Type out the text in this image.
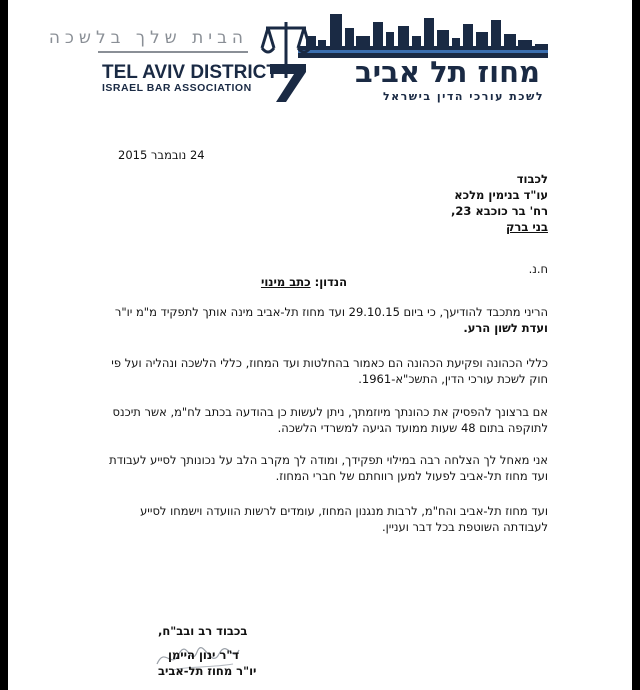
הבית שלך בלשכה
TEL AVIV DISTRICT
ISRAEL BAR ASSOCIATION	מחוז תל אביב
לשכת עורכי הדין בישראל
24 נובמבר 2015
לכבוד
עו"ד בנימין מלכא
רח' בר כוכבא 23,
בני ברק
ח.נ.
הנדון: כתב מינוי
הריני מתכבד להודיעך, כי ביום 29.10.15 ועד מחוז תל-אביב מינה אותך לתפקיד מ"מ יו"ר
ועדת לשון הרע.
כללי הכהונה ופקיעת הכהונה הם כאמור בהחלטות ועד המחוז, כללי הלשכה ונהליה ועל פי
חוק לשכת עורכי הדין, התשכ"א-1961.
אם ברצונך להפסיק את כהונתך מיוזמתך, ניתן לעשות כן בהודעה בכתב לח"מ, אשר תיכנס
לתוקפה בתום 48 שעות ממועד הגיעה למשרדי הלשכה.
אני מאחל לך הצלחה רבה במילוי תפקידך, ומודה לך מקרב הלב על נכונותך לסייע לעבודת
ועד מחוז תל-אביב לפעול למען רווחתם של חברי המחוז.
ועד מחוז תל-אביב והח"מ, לרבות מנגנון המחוז, עומדים לרשות הוועדה וישמחו לסייע
לעבודתה השוטפת בכל דבר ועניין.
בכבוד רב ובב"ח,
ד"ר ינון היימן
יו"ר מחוז תל-אביב
